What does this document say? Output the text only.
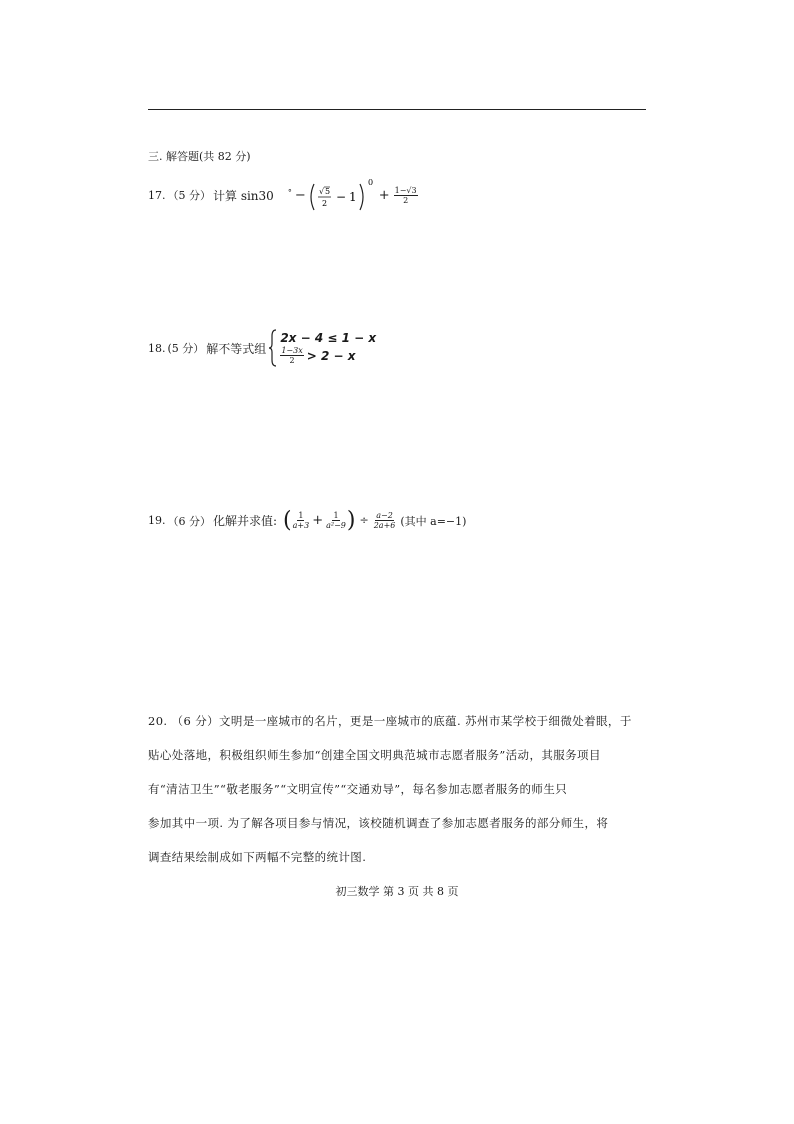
三. 解答题(共 82 分)
17. （5 分） 计算 sin30 ° − √ 5
2 − 1
0
+ $\frac{1-√3}{2}$
18. (5 分） 解不等式组
2x − 4 ≤ 1 − x
$\frac{1-3x}{2} > 2 - x$
19. （6 分） 化解并求值: ( $\frac{1}{a+3} + \frac{1}{\text{a²−9}}$ ) ÷ $\frac{a-2}{2a+6}$ (其中 a=−1)
20. （6 分）文明是一座城市的名片，更是一座城市的底蕴. 苏州市某学校于细微处着眼，于
贴心处落地，积极组织师生参加“创建全国文明典范城市志愿者服务”活动，其服务项目
有“清洁卫生”“敬老服务”“文明宣传”“交通劝导”，每名参加志愿者服务的师生只
参加其中一项. 为了解各项目参与情况，该校随机调查了参加志愿者服务的部分师生，将
调查结果绘制成如下两幅不完整的统计图.
初三数学 第 3 页 共 8 页
